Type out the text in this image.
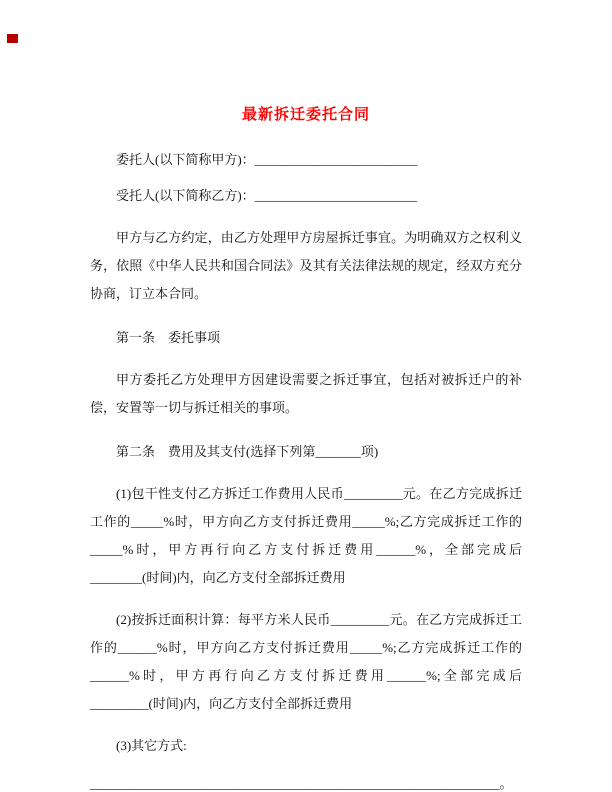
最新拆迁委托合同

委托人(以下简称甲方)：_________________________

受托人(以下简称乙方)：_________________________

甲方与乙方约定，由乙方处理甲方房屋拆迁事宜。为明确双方之权利义务，依照《中华人民共和国合同法》及其有关法律法规的规定，经双方充分协商，订立本合同。

第一条　委托事项

甲方委托乙方处理甲方因建设需要之拆迁事宜，包括对被拆迁户的补偿，安置等一切与拆迁相关的事项。

第二条　费用及其支付(选择下列第_______项)

(1)包干性支付乙方拆迁工作费用人民币_________元。在乙方完成拆迁工作的_____%时，甲方向乙方支付拆迁费用_____%;乙方完成拆迁工作的_____%时，甲方再行向乙方支付拆迁费用______%，全部完成后________(时间)内，向乙方支付全部拆迁费用

(2)按拆迁面积计算：每平方米人民币_________元。在乙方完成拆迁工作的______%时，甲方向乙方支付拆迁费用_____%;乙方完成拆迁工作的______%时，甲方再行向乙方支付拆迁费用______%;全部完成后_________(时间)内，向乙方支付全部拆迁费用

(3)其它方式:

_______________________________________________________________。
